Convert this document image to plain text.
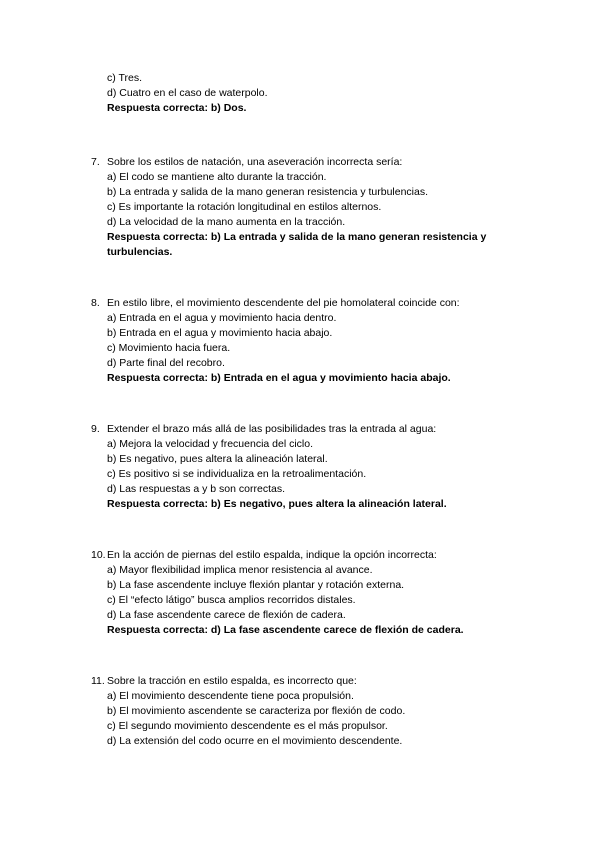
c) Tres.
d) Cuatro en el caso de waterpolo.
Respuesta correcta: b) Dos.
7. Sobre los estilos de natación, una aseveración incorrecta sería:
a) El codo se mantiene alto durante la tracción.
b) La entrada y salida de la mano generan resistencia y turbulencias.
c) Es importante la rotación longitudinal en estilos alternos.
d) La velocidad de la mano aumenta en la tracción.
Respuesta correcta: b) La entrada y salida de la mano generan resistencia y
turbulencias.
8. En estilo libre, el movimiento descendente del pie homolateral coincide con:
a) Entrada en el agua y movimiento hacia dentro.
b) Entrada en el agua y movimiento hacia abajo.
c) Movimiento hacia fuera.
d) Parte final del recobro.
Respuesta correcta: b) Entrada en el agua y movimiento hacia abajo.
9. Extender el brazo más allá de las posibilidades tras la entrada al agua:
a) Mejora la velocidad y frecuencia del ciclo.
b) Es negativo, pues altera la alineación lateral.
c) Es positivo si se individualiza en la retroalimentación.
d) Las respuestas a y b son correctas.
Respuesta correcta: b) Es negativo, pues altera la alineación lateral.
10. En la acción de piernas del estilo espalda, indique la opción incorrecta:
a) Mayor flexibilidad implica menor resistencia al avance.
b) La fase ascendente incluye flexión plantar y rotación externa.
c) El “efecto látigo” busca amplios recorridos distales.
d) La fase ascendente carece de flexión de cadera.
Respuesta correcta: d) La fase ascendente carece de flexión de cadera.
11. Sobre la tracción en estilo espalda, es incorrecto que:
a) El movimiento descendente tiene poca propulsión.
b) El movimiento ascendente se caracteriza por flexión de codo.
c) El segundo movimiento descendente es el más propulsor.
d) La extensión del codo ocurre en el movimiento descendente.
